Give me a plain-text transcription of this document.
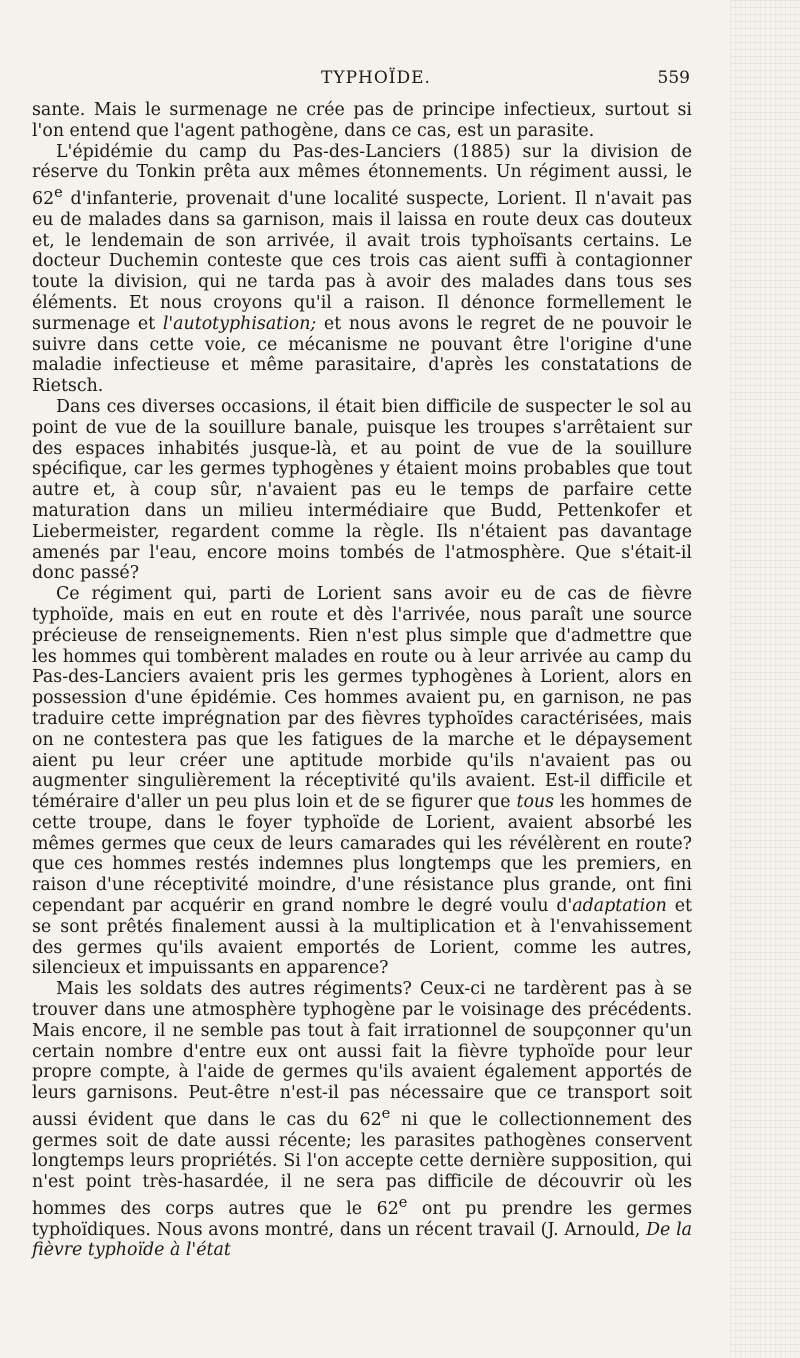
TYPHOÏDE.	559

sante. Mais le surmenage ne crée pas de principe infectieux, surtout si l'on entend que l'agent pathogène, dans ce cas, est un parasite.

L'épidémie du camp du Pas-des-Lanciers (1885) sur la division de réserve du Tonkin prêta aux mêmes étonnements. Un régiment aussi, le 62e d'infanterie, provenait d'une localité suspecte, Lorient. Il n'avait pas eu de malades dans sa garnison, mais il laissa en route deux cas douteux et, le lendemain de son arrivée, il avait trois typhoïsants certains. Le docteur Duchemin conteste que ces trois cas aient suffi à contagionner toute la division, qui ne tarda pas à avoir des malades dans tous ses éléments. Et nous croyons qu'il a raison. Il dénonce formellement le surmenage et l'autotyphisation; et nous avons le regret de ne pouvoir le suivre dans cette voie, ce mécanisme ne pouvant être l'origine d'une maladie infectieuse et même parasitaire, d'après les constatations de Rietsch.

Dans ces diverses occasions, il était bien difficile de suspecter le sol au point de vue de la souillure banale, puisque les troupes s'arrêtaient sur des espaces inhabités jusque-là, et au point de vue de la souillure spécifique, car les germes typhogènes y étaient moins probables que tout autre et, à coup sûr, n'avaient pas eu le temps de parfaire cette maturation dans un milieu intermédiaire que Budd, Pettenkofer et Liebermeister, regardent comme la règle. Ils n'étaient pas davantage amenés par l'eau, encore moins tombés de l'atmosphère. Que s'était-il donc passé?

Ce régiment qui, parti de Lorient sans avoir eu de cas de fièvre typhoïde, mais en eut en route et dès l'arrivée, nous paraît une source précieuse de renseignements. Rien n'est plus simple que d'admettre que les hommes qui tombèrent malades en route ou à leur arrivée au camp du Pas-des-Lanciers avaient pris les germes typhogènes à Lorient, alors en possession d'une épidémie. Ces hommes avaient pu, en garnison, ne pas traduire cette imprégnation par des fièvres typhoïdes caractérisées, mais on ne contestera pas que les fatigues de la marche et le dépaysement aient pu leur créer une aptitude morbide qu'ils n'avaient pas ou augmenter singulièrement la réceptivité qu'ils avaient. Est-il difficile et téméraire d'aller un peu plus loin et de se figurer que tous les hommes de cette troupe, dans le foyer typhoïde de Lorient, avaient absorbé les mêmes germes que ceux de leurs camarades qui les révélèrent en route? que ces hommes restés indemnes plus longtemps que les premiers, en raison d'une réceptivité moindre, d'une résistance plus grande, ont fini cependant par acquérir en grand nombre le degré voulu d'adaptation et se sont prêtés finalement aussi à la multiplication et à l'envahissement des germes qu'ils avaient emportés de Lorient, comme les autres, silencieux et impuissants en apparence?

Mais les soldats des autres régiments? Ceux-ci ne tardèrent pas à se trouver dans une atmosphère typhogène par le voisinage des précédents. Mais encore, il ne semble pas tout à fait irrationnel de soupçonner qu'un certain nombre d'entre eux ont aussi fait la fièvre typhoïde pour leur propre compte, à l'aide de germes qu'ils avaient également apportés de leurs garnisons. Peut-être n'est-il pas nécessaire que ce transport soit aussi évident que dans le cas du 62e ni que le collectionnement des germes soit de date aussi récente; les parasites pathogènes conservent longtemps leurs propriétés. Si l'on accepte cette dernière supposition, qui n'est point très-hasardée, il ne sera pas difficile de découvrir où les hommes des corps autres que le 62e ont pu prendre les germes typhoïdiques. Nous avons montré, dans un récent travail (J. Arnould, De la fièvre typhoïde à l'état
